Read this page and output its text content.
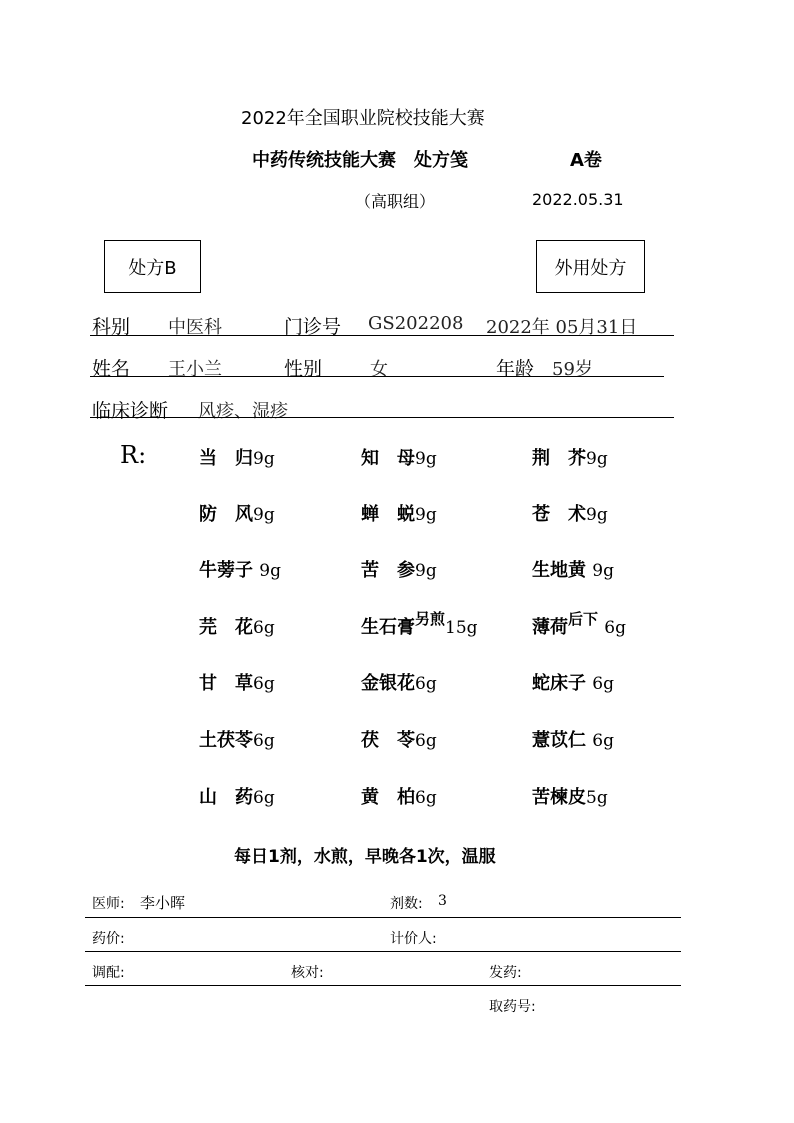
2022年全国职业院校技能大赛
中药传统技能大赛　处方笺	A卷
（高职组）	2022.05.31
处方B	外用处方
科别 中医科	门诊号 GS202208 2022年 05月31日
姓名 王小兰	性别	女	年龄 59岁
临床诊断 风疹、湿疹
R:	当　归9g	知　母9g	荆　芥9g
防　风9g	蝉　蜕9g	苍　术9g
牛蒡子 9g	苦　参9g	生地黄 9g
芫　花6g	生石膏$^{另煎}$15g	薄荷$^{后下}$ 6g
甘　草6g	金银花6g	蛇床子 6g
土茯苓6g	茯　苓6g	薏苡仁 6g
山　药6g	黄　柏6g	苦楝皮5g
每日1剂，水煎，早晚各1次，温服
医师: 李小晖	剂数: 3
药价:	计价人:
调配:	核对:	发药:
取药号:
